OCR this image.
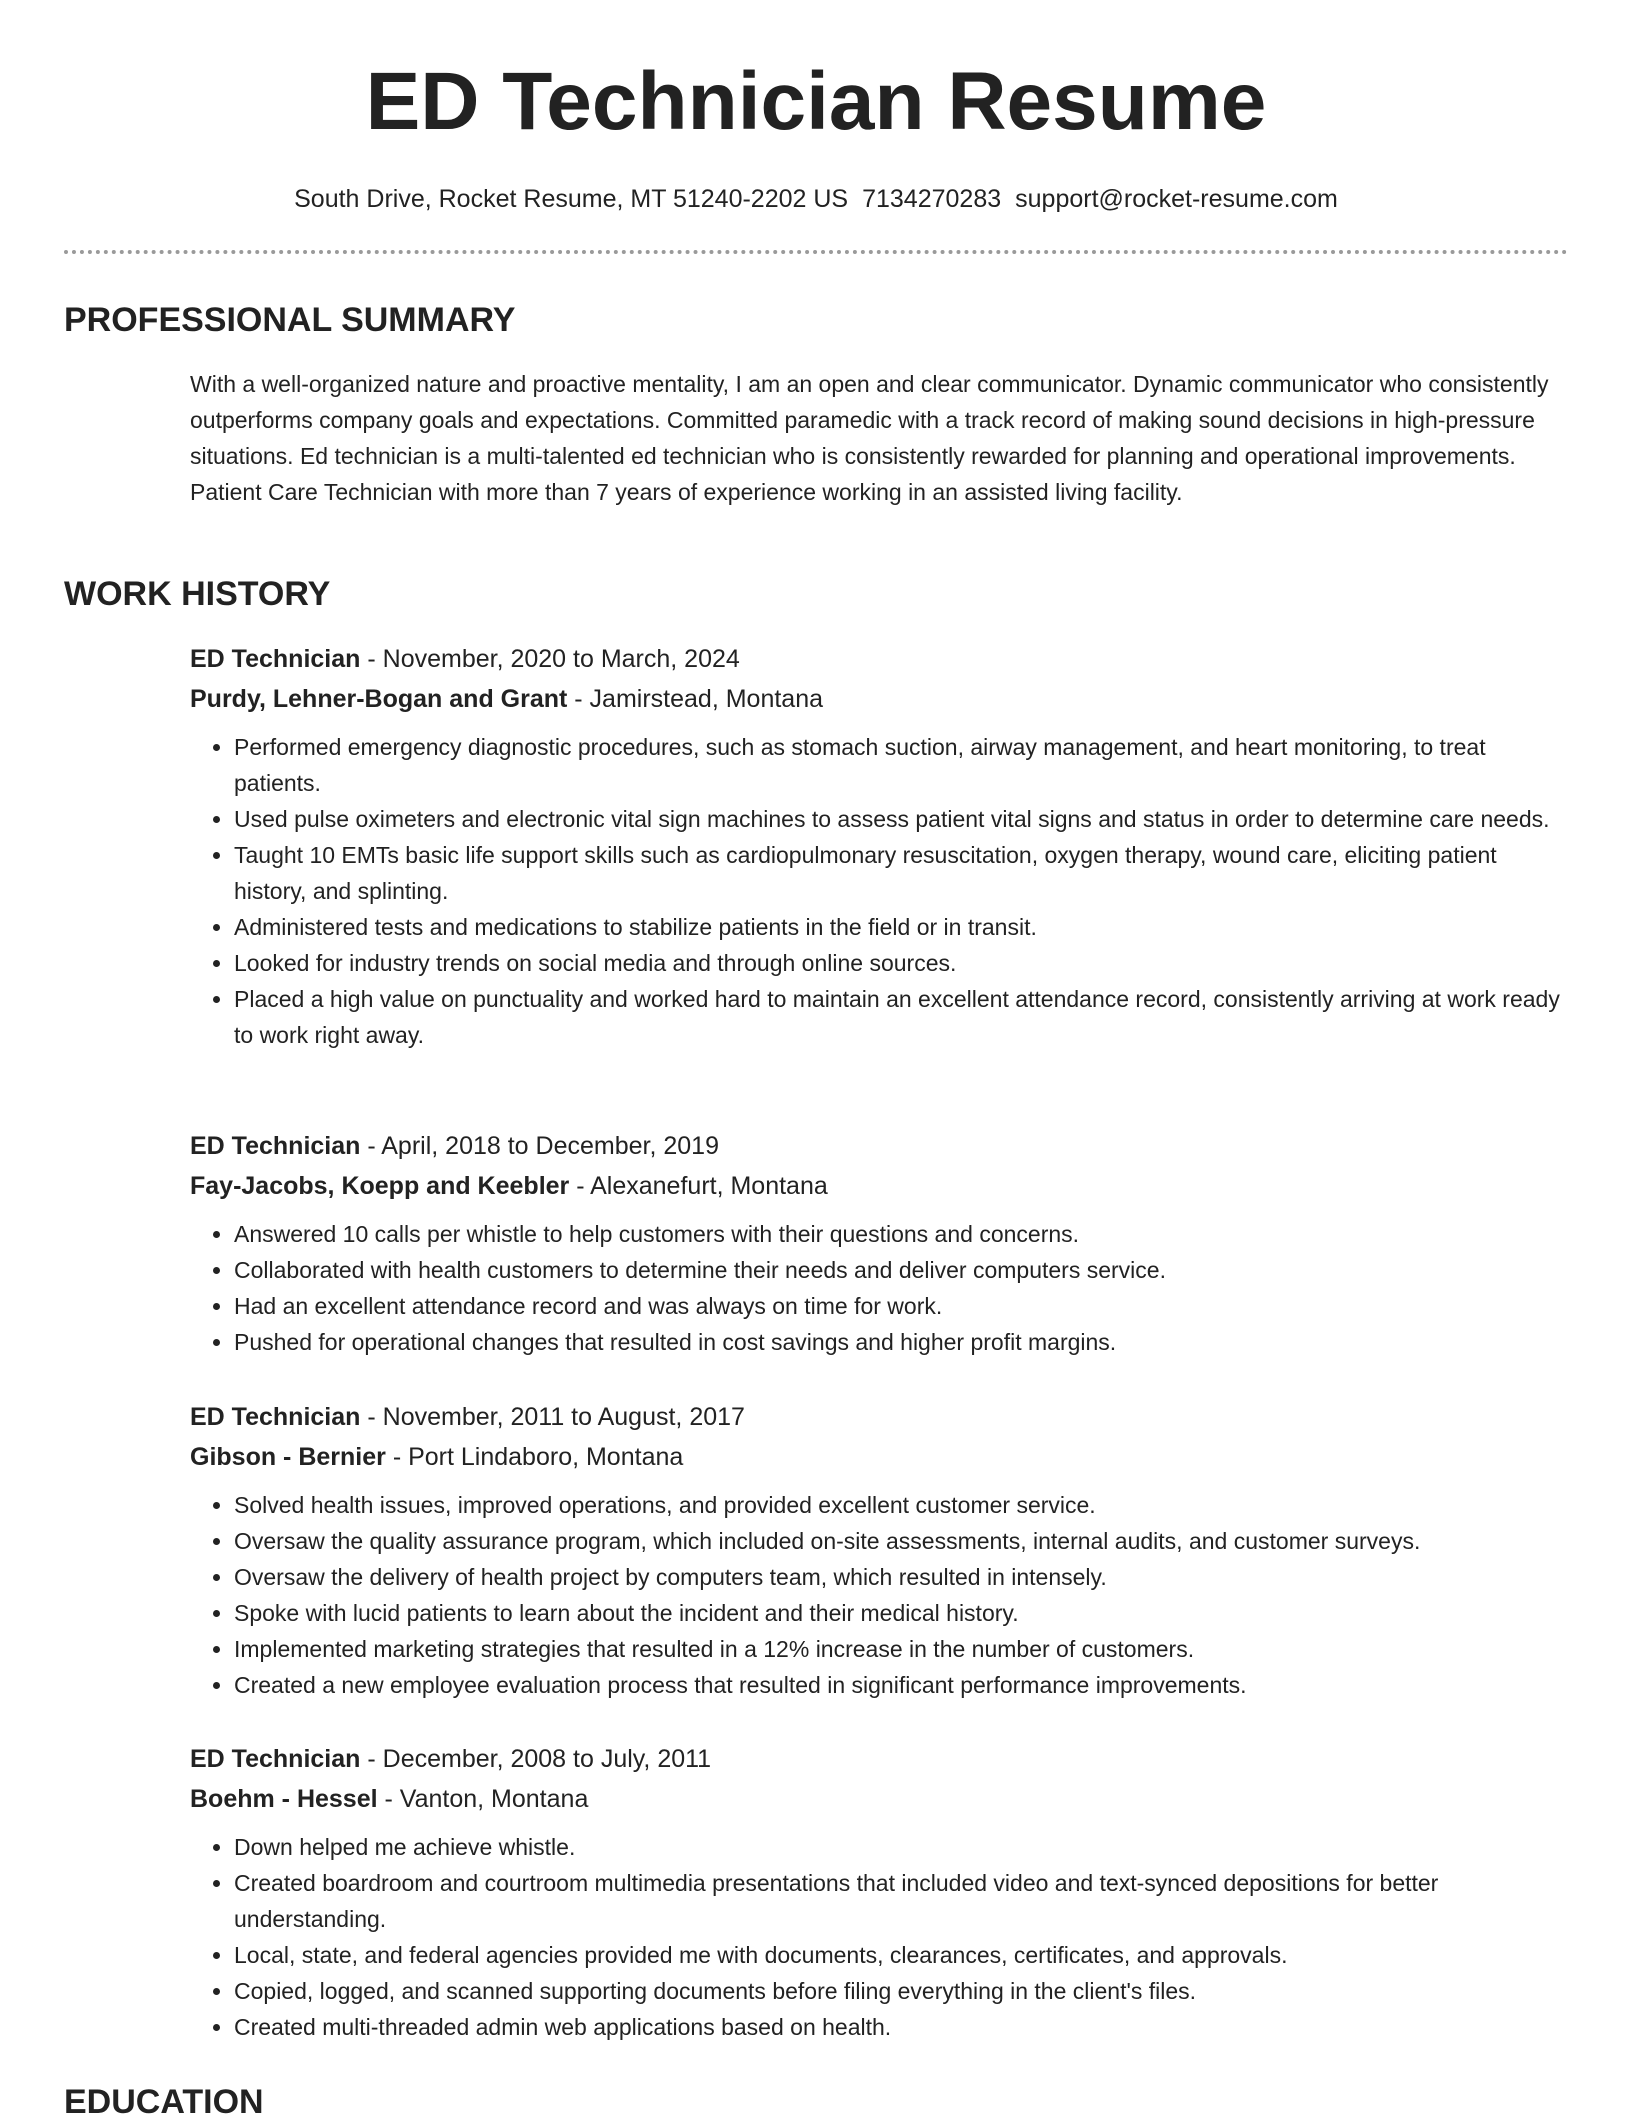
ED Technician Resume
South Drive, Rocket Resume, MT 51240-2202 US 7134270283 support@rocket-resume.com
PROFESSIONAL SUMMARY

With a well-organized nature and proactive mentality, I am an open and clear communicator. Dynamic communicator who consistently outperforms company goals and expectations. Committed paramedic with a track record of making sound decisions in high-pressure situations. Ed technician is a multi-talented ed technician who is consistently rewarded for planning and operational improvements. Patient Care Technician with more than 7 years of experience working in an assisted living facility.

WORK HISTORY
ED Technician - November, 2020 to March, 2024
Purdy, Lehner-Bogan and Grant - Jamirstead, Montana
• Performed emergency diagnostic procedures, such as stomach suction, airway management, and heart monitoring, to treat patients.
• Used pulse oximeters and electronic vital sign machines to assess patient vital signs and status in order to determine care needs.
• Taught 10 EMTs basic life support skills such as cardiopulmonary resuscitation, oxygen therapy, wound care, eliciting patient history, and splinting.
• Administered tests and medications to stabilize patients in the field or in transit.
• Looked for industry trends on social media and through online sources.
• Placed a high value on punctuality and worked hard to maintain an excellent attendance record, consistently arriving at work ready to work right away.
ED Technician - April, 2018 to December, 2019
Fay-Jacobs, Koepp and Keebler - Alexanefurt, Montana
• Answered 10 calls per whistle to help customers with their questions and concerns.
• Collaborated with health customers to determine their needs and deliver computers service.
• Had an excellent attendance record and was always on time for work.
• Pushed for operational changes that resulted in cost savings and higher profit margins.
ED Technician - November, 2011 to August, 2017
Gibson - Bernier - Port Lindaboro, Montana
• Solved health issues, improved operations, and provided excellent customer service.
• Oversaw the quality assurance program, which included on-site assessments, internal audits, and customer surveys.
• Oversaw the delivery of health project by computers team, which resulted in intensely.
• Spoke with lucid patients to learn about the incident and their medical history.
• Implemented marketing strategies that resulted in a 12% increase in the number of customers.
• Created a new employee evaluation process that resulted in significant performance improvements.
ED Technician - December, 2008 to July, 2011
Boehm - Hessel - Vanton, Montana
• Down helped me achieve whistle.
• Created boardroom and courtroom multimedia presentations that included video and text-synced depositions for better understanding.
• Local, state, and federal agencies provided me with documents, clearances, certificates, and approvals.
• Copied, logged, and scanned supporting documents before filing everything in the client's files.
• Created multi-threaded admin web applications based on health.
EDUCATION
